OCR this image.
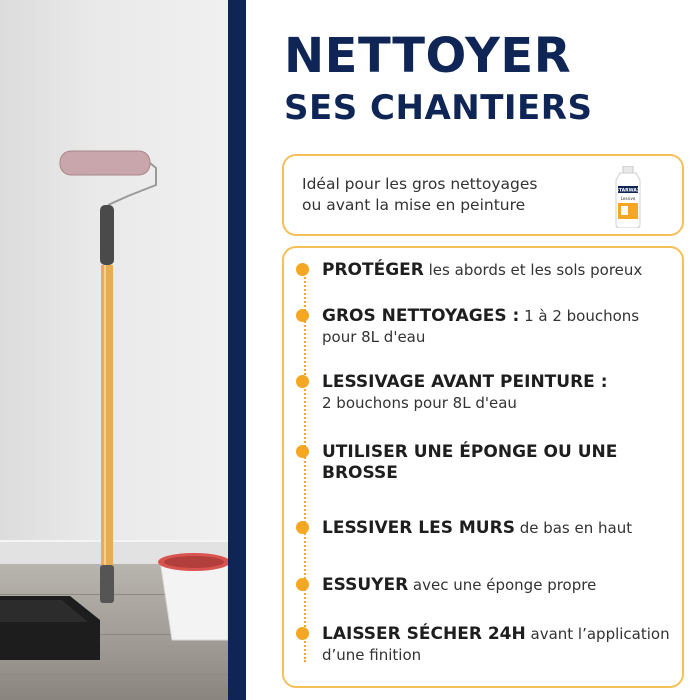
NETTOYER
SES CHANTIERS
Idéal pour les gros nettoyages
ou avant la mise en peinture
STARWAX
Lessive
PROTÉGER les abords et les sols poreux
GROS NETTOYAGES : 1 à 2 bouchons pour 8L d'eau
LESSIVAGE AVANT PEINTURE :
2 bouchons pour 8L d'eau
UTILISER UNE ÉPONGE OU UNE BROSSE
LESSIVER LES MURS de bas en haut
ESSUYER avec une éponge propre
LAISSER SÉCHER 24H avant l’application d’une finition
